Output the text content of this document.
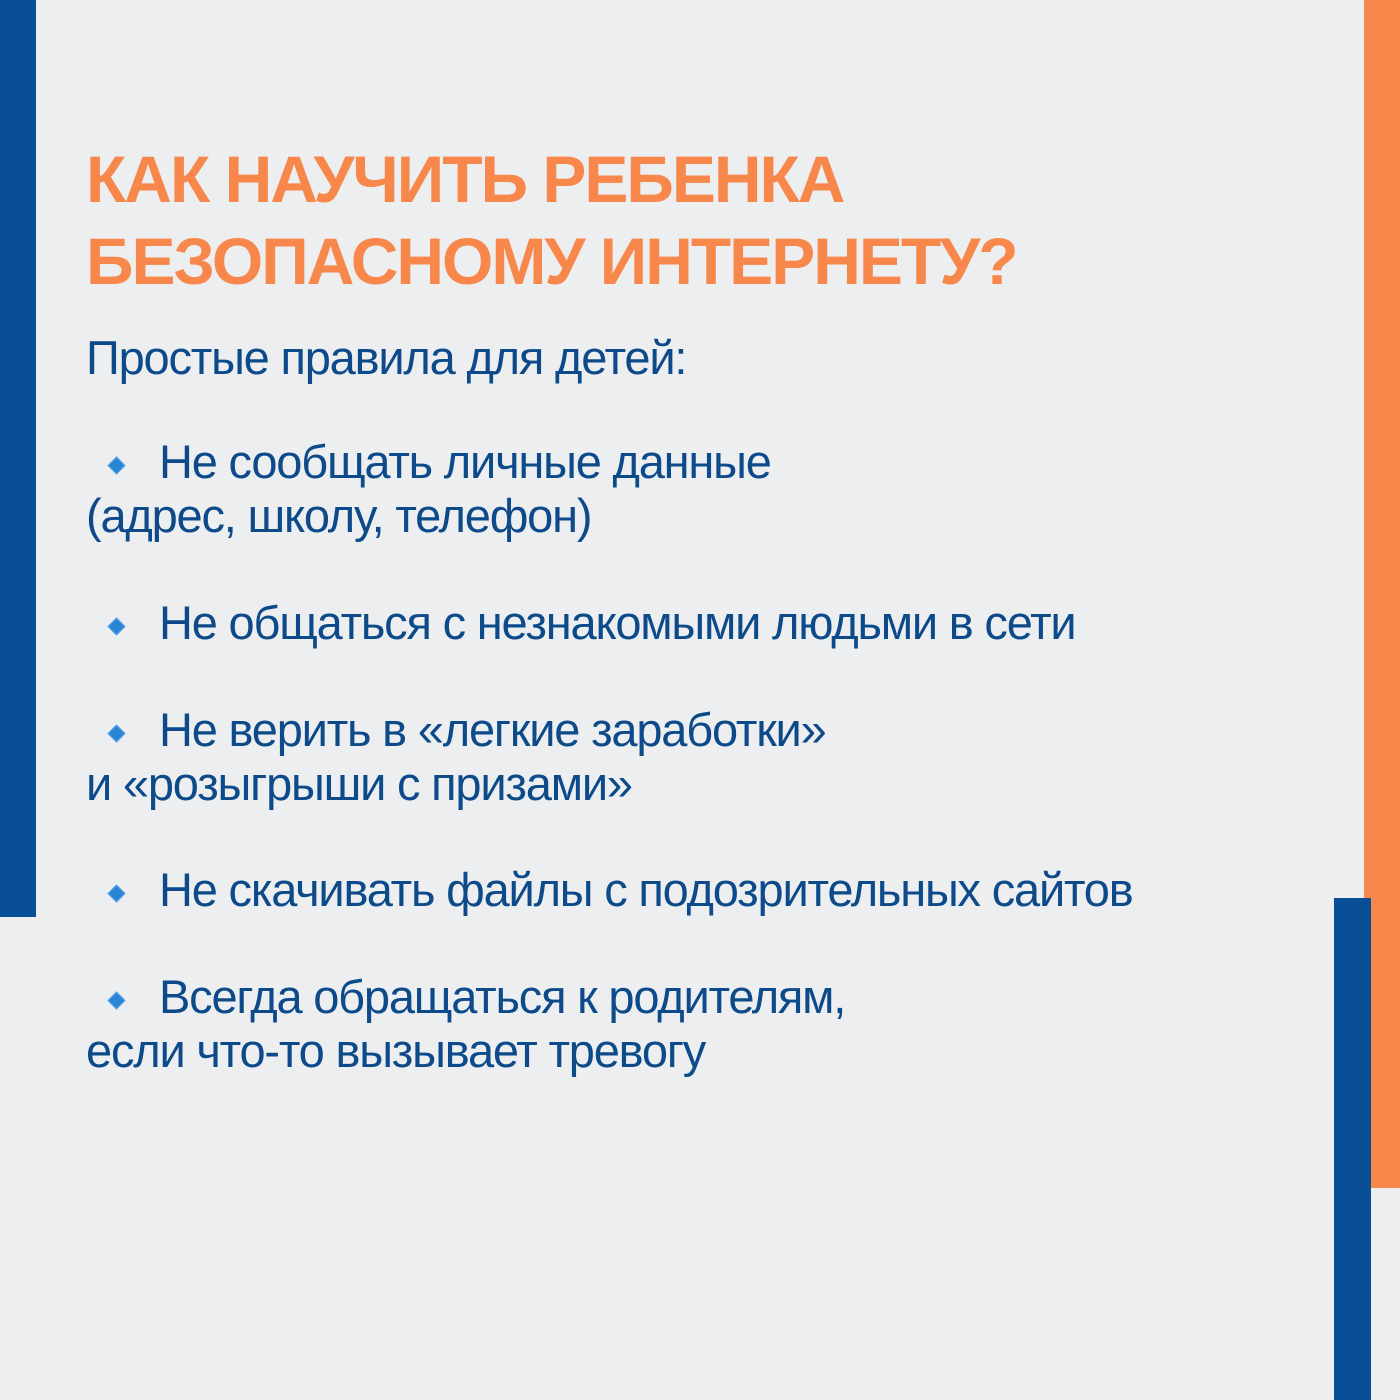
КАК НАУЧИТЬ РЕБЕНКА
БЕЗОПАСНОМУ ИНТЕРНЕТУ?

Простые правила для детей:

Не сообщать личные данные
(адрес, школу, телефон)
Не общаться с незнакомыми людьми в сети
Не верить в «легкие заработки»
и «розыгрыши с призами»
Не скачивать файлы с подозрительных сайтов
Всегда обращаться к родителям,
если что-то вызывает тревогу
